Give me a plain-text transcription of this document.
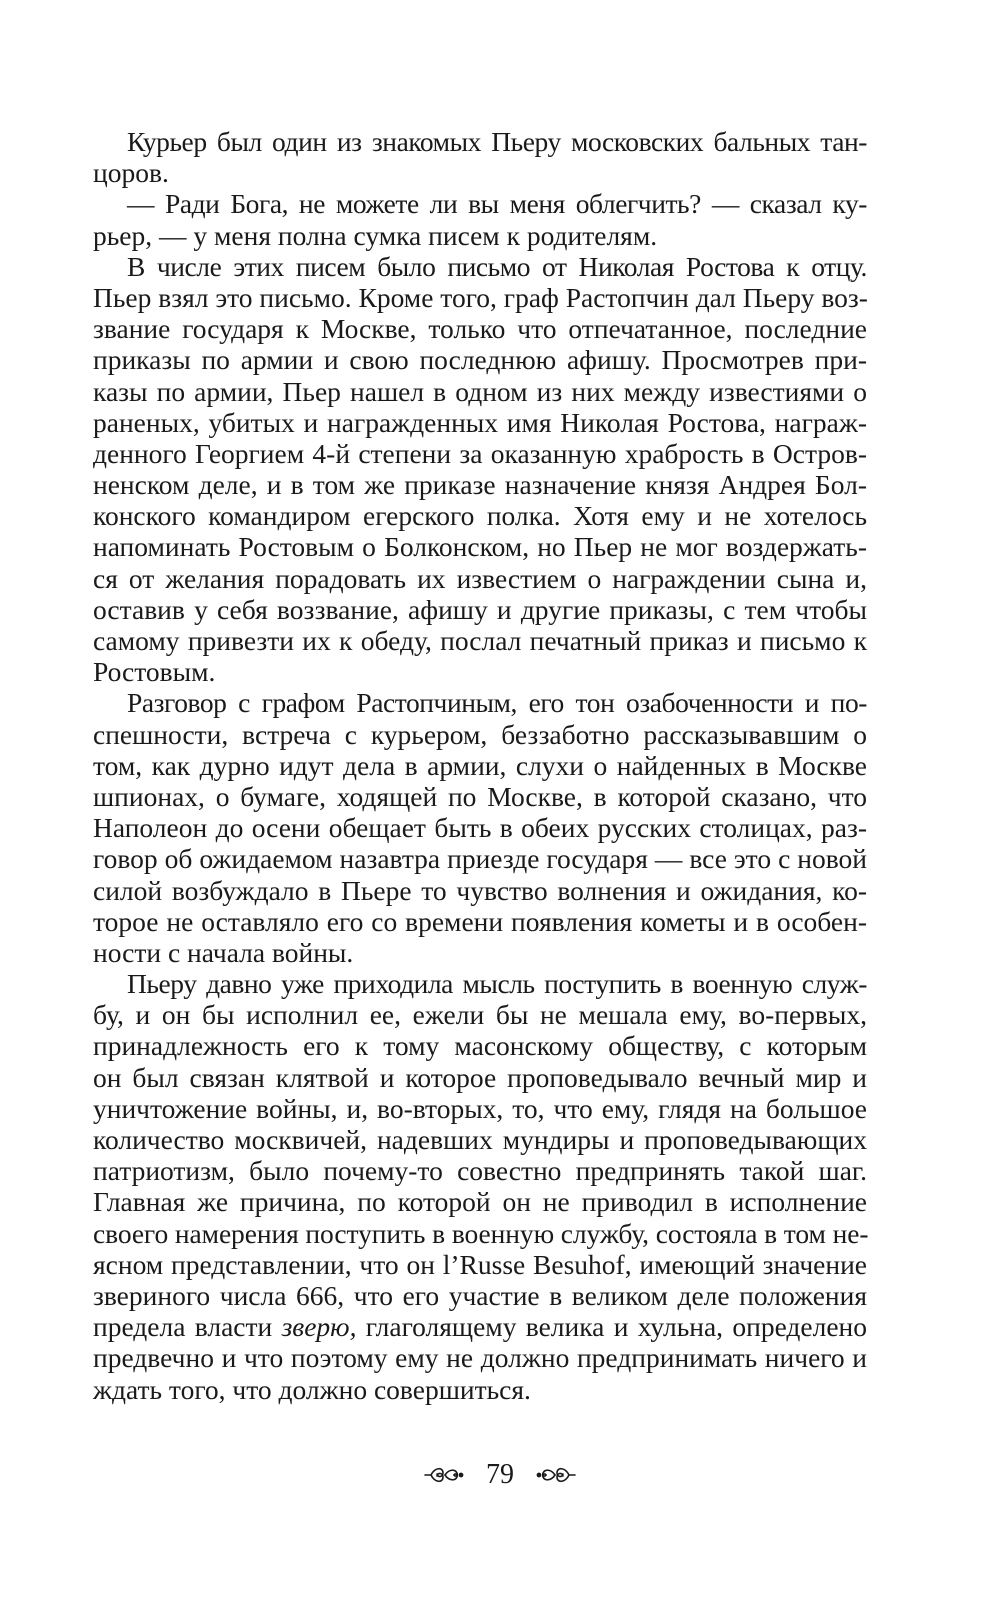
Курьер был один из знакомых Пьеру московских бальных тан-
цоров.
— Ради Бога, не можете ли вы меня облегчить? — сказал ку-
рьер, — у меня полна сумка писем к родителям.
В числе этих писем было письмо от Николая Ростова к отцу.
Пьер взял это письмо. Кроме того, граф Растопчин дал Пьеру воз-
звание государя к Москве, только что отпечатанное, последние
приказы по армии и свою последнюю афишу. Просмотрев при-
казы по армии, Пьер нашел в одном из них между известиями о
раненых, убитых и награжденных имя Николая Ростова, награж-
денного Георгием 4-й степени за оказанную храбрость в Остров-
ненском деле, и в том же приказе назначение князя Андрея Бол-
конского командиром егерского полка. Хотя ему и не хотелось
напоминать Ростовым о Болконском, но Пьер не мог воздержать-
ся от желания порадовать их известием о награждении сына и,
оставив у себя воззвание, афишу и другие приказы, с тем чтобы
самому привезти их к обеду, послал печатный приказ и письмо к
Ростовым.
Разговор с графом Растопчиным, его тон озабоченности и по-
спешности, встреча с курьером, беззаботно рассказывавшим о
том, как дурно идут дела в армии, слухи о найденных в Москве
шпионах, о бумаге, ходящей по Москве, в которой сказано, что
Наполеон до осени обещает быть в обеих русских столицах, раз-
говор об ожидаемом назавтра приезде государя — все это с новой
силой возбуждало в Пьере то чувство волнения и ожидания, ко-
торое не оставляло его со времени появления кометы и в особен-
ности с начала войны.
Пьеру давно уже приходила мысль поступить в военную служ-
бу, и он бы исполнил ее, ежели бы не мешала ему, во-первых,
принадлежность его к тому масонскому обществу, с которым
он был связан клятвой и которое проповедывало вечный мир и
уничтожение войны, и, во-вторых, то, что ему, глядя на большое
количество москвичей, надевших мундиры и проповедывающих
патриотизм, было почему-то совестно предпринять такой шаг.
Главная же причина, по которой он не приводил в исполнение
своего намерения поступить в военную службу, состояла в том не-
ясном представлении, что он l’Russe Besuhof, имеющий значение
звериного числа 666, что его участие в великом деле положения
предела власти зверю, глаголящему велика и хульна, определено
предвечно и что поэтому ему не должно предпринимать ничего и
ждать того, что должно совершиться.
79
